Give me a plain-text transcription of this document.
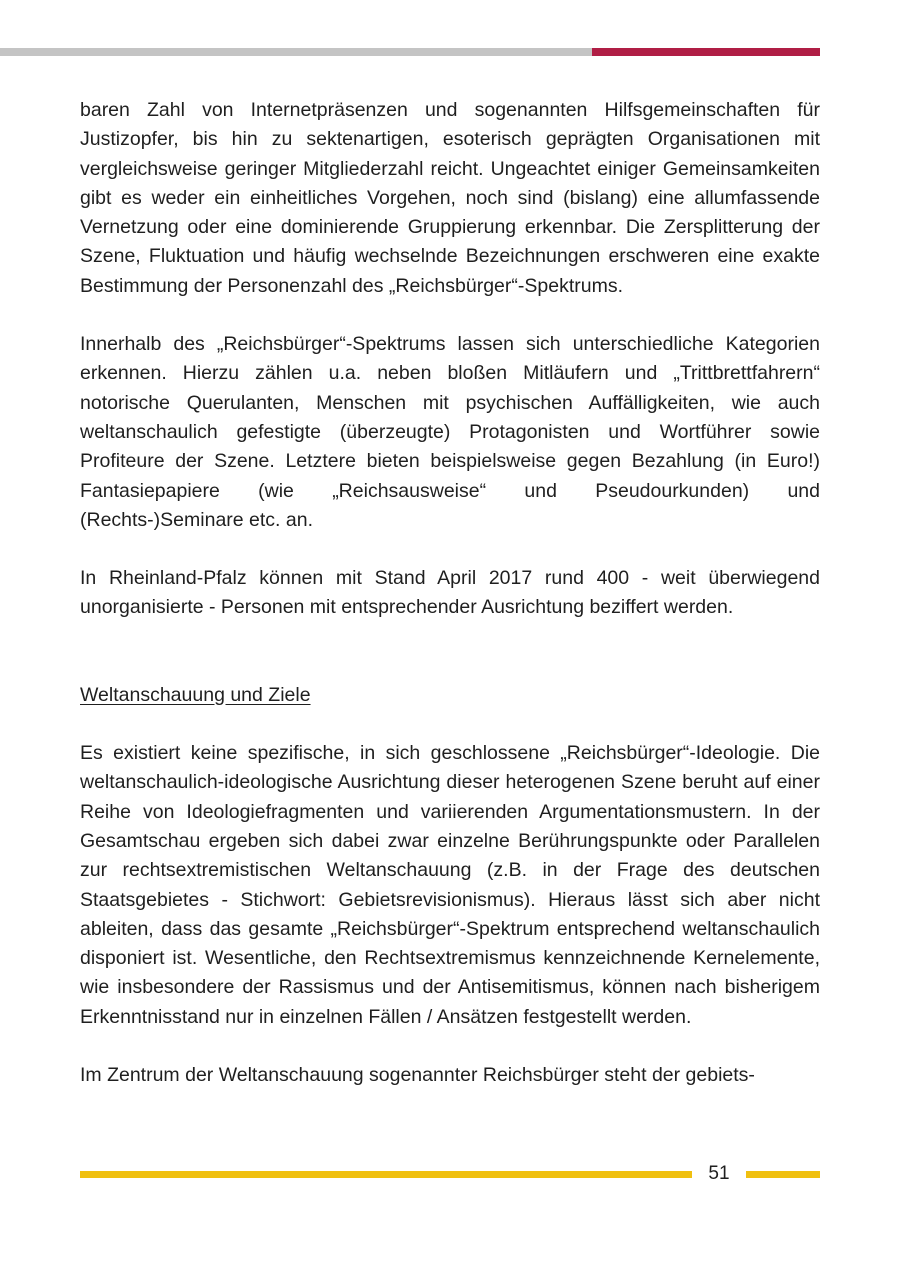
baren Zahl von Internetpräsenzen und sogenannten Hilfsgemeinschaften für Justizopfer, bis hin zu sektenartigen, esoterisch geprägten Organisationen mit vergleichsweise geringer Mitgliederzahl reicht. Ungeachtet einiger Gemeinsamkeiten gibt es weder ein einheitliches Vorgehen, noch sind (bislang) eine allumfassende Vernetzung oder eine dominierende Gruppierung erkennbar. Die Zersplitterung der Szene, Fluktuation und häufig wechselnde Bezeichnungen erschweren eine exakte Bestimmung der Personenzahl des „Reichsbürger“-Spektrums.

Innerhalb des „Reichsbürger“-Spektrums lassen sich unterschiedliche Kategorien erkennen. Hierzu zählen u.a. neben bloßen Mitläufern und „Trittbrettfahrern“ notorische Querulanten, Menschen mit psychischen Auffälligkeiten, wie auch weltanschaulich gefestigte (überzeugte) Protagonisten und Wortführer sowie Profiteure der Szene. Letztere bieten beispielsweise gegen Bezahlung (in Euro!) Fantasiepapiere (wie „Reichsausweise“ und Pseudourkunden) und (Rechts-)Seminare etc. an.

In Rheinland-Pfalz können mit Stand April 2017 rund 400 - weit überwiegend unorganisierte - Personen mit entsprechender Ausrichtung beziffert werden.

Weltanschauung und Ziele

Es existiert keine spezifische, in sich geschlossene „Reichsbürger“-Ideologie. Die weltanschaulich-ideologische Ausrichtung dieser heterogenen Szene beruht auf einer Reihe von Ideologiefragmenten und variierenden Argumentationsmustern. In der Gesamtschau ergeben sich dabei zwar einzelne Berührungspunkte oder Parallelen zur rechtsextremistischen Weltanschauung (z.B. in der Frage des deutschen Staatsgebietes - Stichwort: Gebietsrevisionismus). Hieraus lässt sich aber nicht ableiten, dass das gesamte „Reichsbürger“-Spektrum entsprechend weltanschaulich disponiert ist. Wesentliche, den Rechtsextremismus kennzeichnende Kernelemente, wie insbesondere der Rassismus und der Antisemitismus, können nach bisherigem Erkenntnisstand nur in einzelnen Fällen / Ansätzen festgestellt werden.

Im Zentrum der Weltanschauung sogenannter Reichsbürger steht der gebiets-

51
